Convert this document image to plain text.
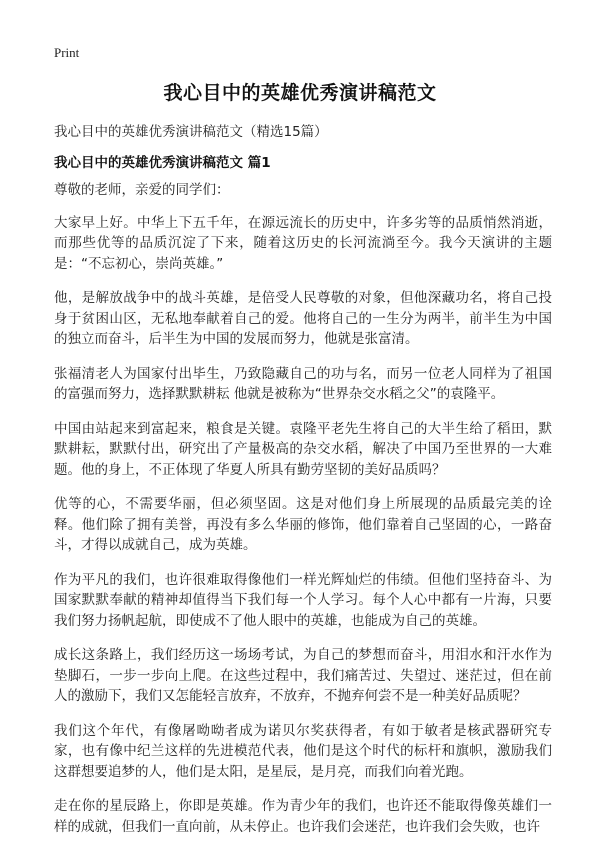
Print
我心目中的英雄优秀演讲稿范文
我心目中的英雄优秀演讲稿范文（精选15篇）
我心目中的英雄优秀演讲稿范文 篇1

尊敬的老师，亲爱的同学们：

大家早上好。中华上下五千年，在源远流长的历史中，许多劣等的品质悄然消逝，而那些优等的品质沉淀了下来，随着这历史的长河流淌至今。我今天演讲的主题是：“不忘初心，崇尚英雄。”

他，是解放战争中的战斗英雄，是倍受人民尊敬的对象，但他深藏功名，将自己投身于贫困山区，无私地奉献着自己的爱。他将自己的一生分为两半，前半生为中国的独立而奋斗，后半生为中国的发展而努力，他就是张富清。

张福清老人为国家付出毕生，乃致隐藏自己的功与名，而另一位老人同样为了祖国的富强而努力，选择默默耕耘 他就是被称为“世界杂交水稻之父”的袁隆平。

中国由站起来到富起来，粮食是关键。袁隆平老先生将自己的大半生给了稻田，默默耕耘，默默付出，研究出了产量极高的杂交水稻，解决了中国乃至世界的一大难题。他的身上，不正体现了华夏人所具有勤劳坚韧的美好品质吗？

优等的心，不需要华丽，但必须坚固。这是对他们身上所展现的品质最完美的诠释。他们除了拥有美誉，再没有多么华丽的修饰，他们靠着自己坚固的心，一路奋斗，才得以成就自己，成为英雄。

作为平凡的我们，也许很难取得像他们一样光辉灿烂的伟绩。但他们坚持奋斗、为国家默默奉献的精神却值得当下我们每一个人学习。每个人心中都有一片海，只要我们努力扬帆起航，即使成不了他人眼中的英雄，也能成为自己的英雄。

成长这条路上，我们经历这一场场考试，为自己的梦想而奋斗，用泪水和汗水作为垫脚石，一步一步向上爬。在这些过程中，我们痛苦过、失望过、迷茫过，但在前人的激励下，我们又怎能轻言放弃，不放弃，不抛弃何尝不是一种美好品质呢？

我们这个年代，有像屠呦呦者成为诺贝尔奖获得者，有如于敏者是核武器研究专家，也有像中纪兰这样的先进模范代表，他们是这个时代的标杆和旗帜，激励我们这群想要追梦的人，他们是太阳，是星辰，是月亮，而我们向着光跑。

走在你的星辰路上，你即是英雄。作为青少年的我们，也许还不能取得像英雄们一样的成就，但我们一直向前，从未停止。也许我们会迷茫，也许我们会失败，也许
